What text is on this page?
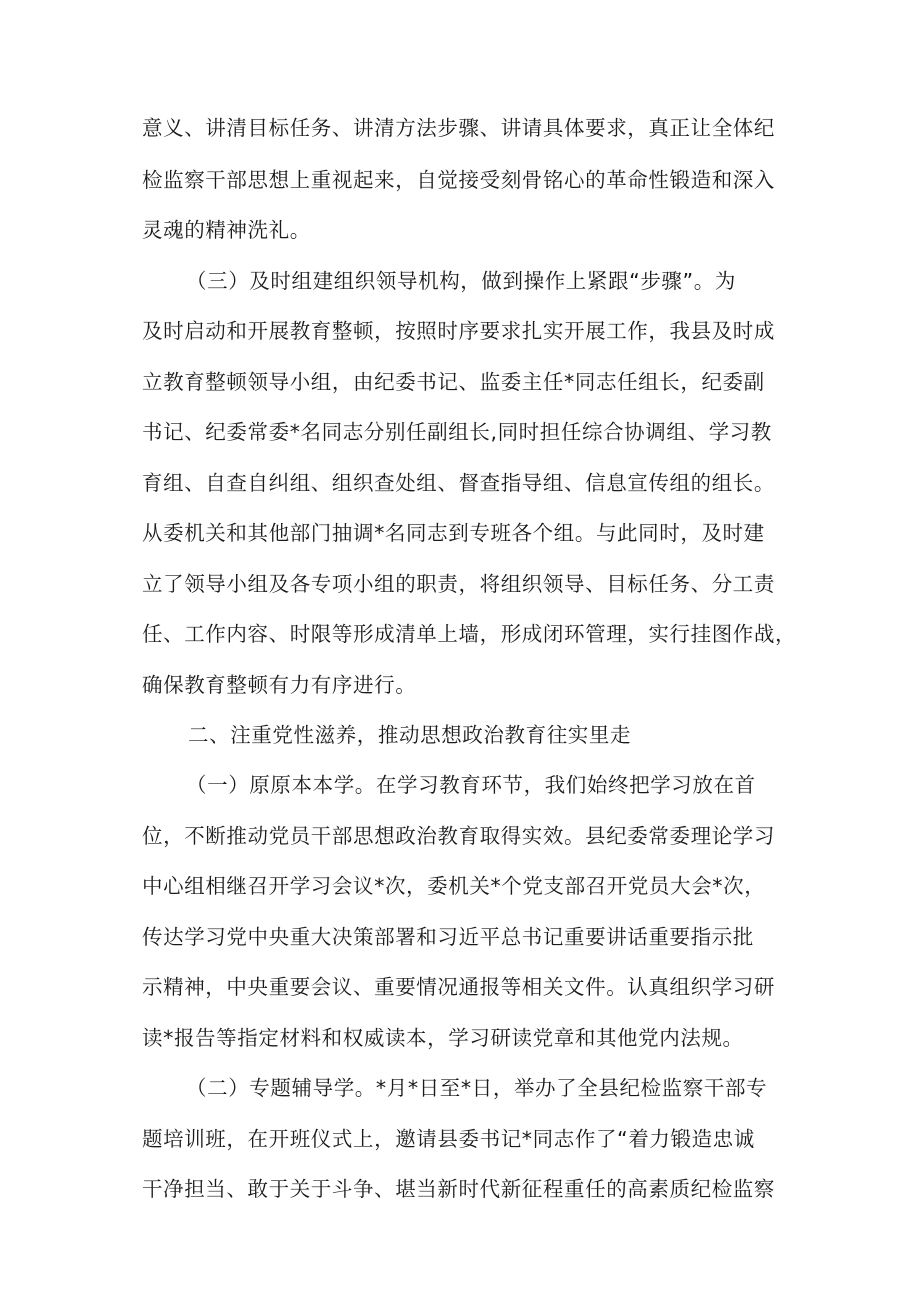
意义、讲清目标任务、讲清方法步骤、讲请具体要求，真正让全体纪
检监察干部思想上重视起来，自觉接受刻骨铭心的革命性锻造和深入
灵魂的精神洗礼。
（三）及时组建组织领导机构，做到操作上紧跟“步骤”。为
及时启动和开展教育整顿，按照时序要求扎实开展工作，我县及时成
立教育整顿领导小组，由纪委书记、监委主任*同志任组长，纪委副
书记、纪委常委*名同志分别任副组长,同时担任综合协调组、学习教
育组、自查自纠组、组织查处组、督查指导组、信息宣传组的组长。
从委机关和其他部门抽调*名同志到专班各个组。与此同时，及时建
立了领导小组及各专项小组的职责，将组织领导、目标任务、分工责
任、工作内容、时限等形成清单上墙，形成闭环管理，实行挂图作战，
确保教育整顿有力有序进行。
二、注重党性滋养，推动思想政治教育往实里走
（一）原原本本学。在学习教育环节，我们始终把学习放在首
位，不断推动党员干部思想政治教育取得实效。县纪委常委理论学习
中心组相继召开学习会议*次，委机关*个党支部召开党员大会*次，
传达学习党中央重大决策部署和习近平总书记重要讲话重要指示批
示精神，中央重要会议、重要情况通报等相关文件。认真组织学习研
读*报告等指定材料和权威读本，学习研读党章和其他党内法规。
（二）专题辅导学。*月*日至*日，举办了全县纪检监察干部专
题培训班，在开班仪式上，邀请县委书记*同志作了“着力锻造忠诚
干净担当、敢于关于斗争、堪当新时代新征程重任的高素质纪检监察
